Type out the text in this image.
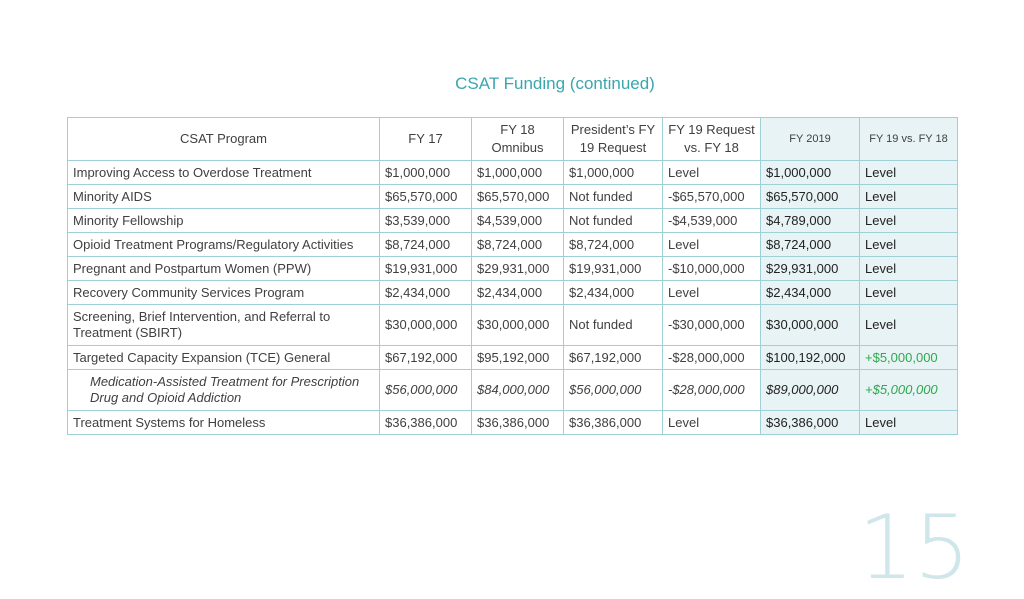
CSAT Funding (continued)
CSAT Program	FY 17	FY 18 Omnibus	President’s FY 19 Request	FY 19 Request vs. FY 18	FY 2019	FY 19 vs. FY 18
Improving Access to Overdose Treatment	$1,000,000	$1,000,000	$1,000,000	Level	$1,000,000	Level
Minority AIDS	$65,570,000	$65,570,000	Not funded	-$65,570,000	$65,570,000	Level
Minority Fellowship	$3,539,000	$4,539,000	Not funded	-$4,539,000	$4,789,000	Level
Opioid Treatment Programs/Regulatory Activities	$8,724,000	$8,724,000	$8,724,000	Level	$8,724,000	Level
Pregnant and Postpartum Women (PPW)	$19,931,000	$29,931,000	$19,931,000	-$10,000,000	$29,931,000	Level
Recovery Community Services Program	$2,434,000	$2,434,000	$2,434,000	Level	$2,434,000	Level
Screening, Brief Intervention, and Referral to Treatment (SBIRT)	$30,000,000	$30,000,000	Not funded	-$30,000,000	$30,000,000	Level
Targeted Capacity Expansion (TCE) General	$67,192,000	$95,192,000	$67,192,000	-$28,000,000	$100,192,000	+$5,000,000
Medication-Assisted Treatment for Prescription Drug and Opioid Addiction	$56,000,000	$84,000,000	$56,000,000	-$28,000,000	$89,000,000	+$5,000,000
Treatment Systems for Homeless	$36,386,000	$36,386,000	$36,386,000	Level	$36,386,000	Level
15
